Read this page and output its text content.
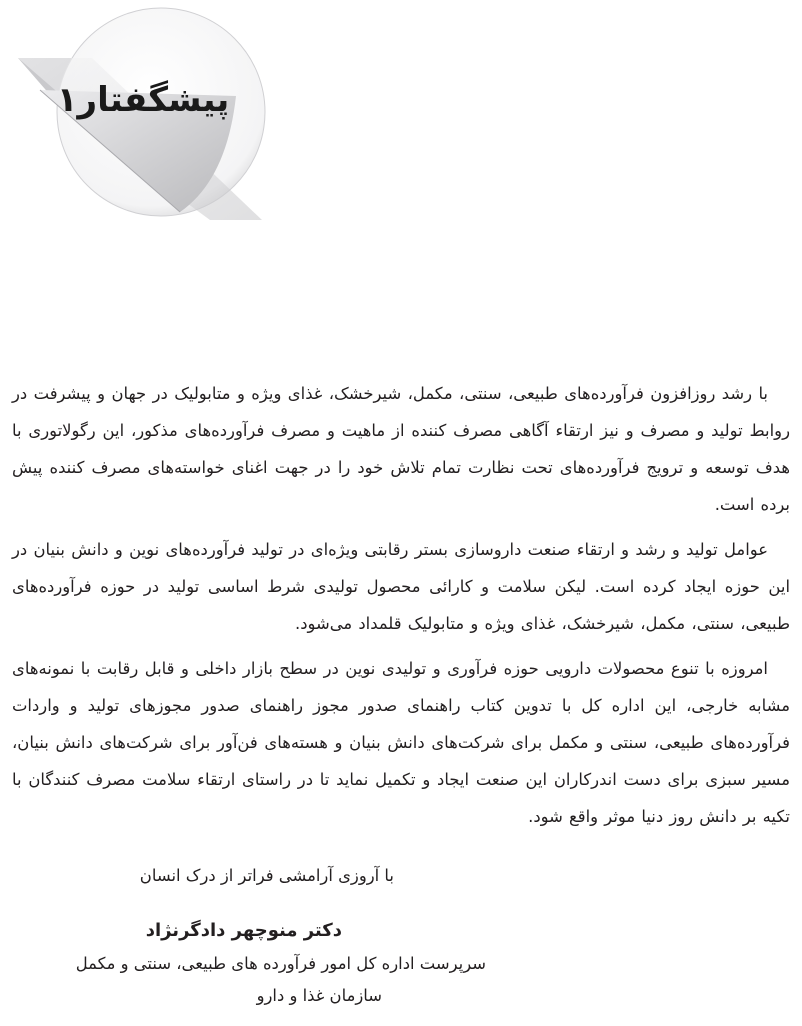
پیشگفتار۱

با رشد روزافزون فرآورده‌های طبیعی، سنتی، مکمل، شیرخشک، غذای ویژه و متابولیک در جهان و پیشرفت در روابط تولید و مصرف و نیز ارتقاء آگاهی مصرف کننده از ماهیت و مصرف فرآورده‌های مذکور، این رگولاتوری با هدف توسعه و ترویج فرآورده‌های تحت نظارت تمام تلاش خود را در جهت اغنای خواسته‌های مصرف کننده پیش برده است.

عوامل تولید و رشد و ارتقاء صنعت داروسازی بستر رقابتی ویژه‌ای در تولید فرآورده‌های نوین و دانش بنیان در این حوزه ایجاد کرده است. لیکن سلامت و کارائی محصول تولیدی شرط اساسی تولید در حوزه فرآورده‌های طبیعی، سنتی، مکمل، شیرخشک، غذای ویژه و متابولیک قلمداد می‌شود.

امروزه با تنوع محصولات دارویی حوزه فرآوری و تولیدی نوین در سطح بازار داخلی و قابل رقابت با نمونه‌های مشابه خارجی، این اداره کل با تدوین کتاب راهنمای صدور مجوز راهنمای صدور مجوزهای تولید و واردات فرآورده‌های طبیعی، سنتی و مکمل برای شرکت‌های دانش بنیان و هسته‌های فن‌آور برای شرکت‌های دانش بنیان، مسیر سبزی برای دست اندرکاران این صنعت ایجاد و تکمیل نماید تا در راستای ارتقاء سلامت مصرف کنندگان با تکیه بر دانش روز دنیا موثر واقع شود.

با آروزی آرامشی فراتر از درک انسان
دکتر منوچهر دادگرنژاد
سرپرست اداره کل امور فرآورده های طبیعی، سنتی و مکمل
سازمان غذا و دارو
